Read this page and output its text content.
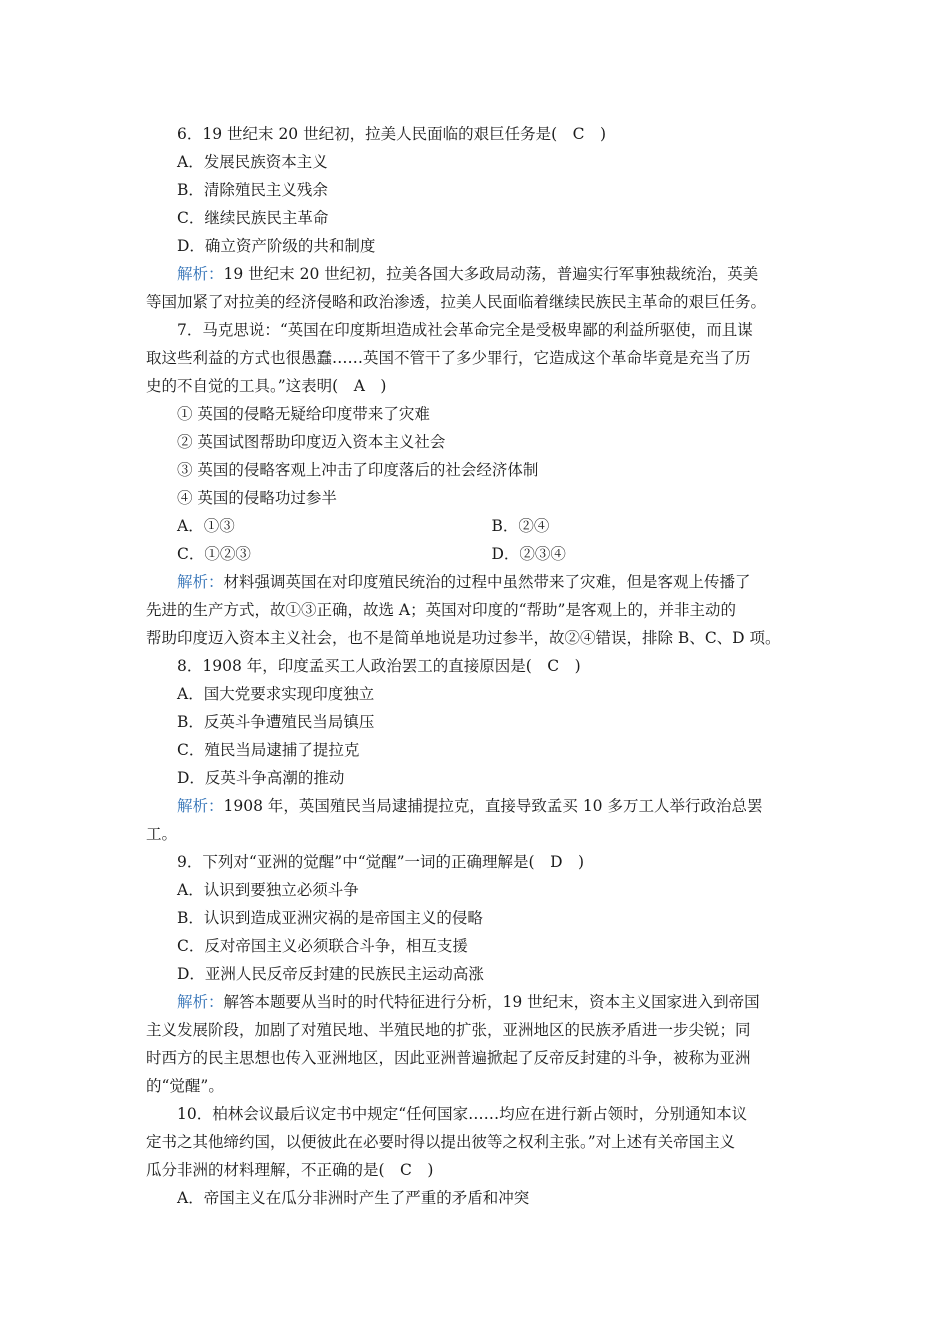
6．19 世纪末 20 世纪初，拉美人民面临的艰巨任务是(　C　)
A．发展民族资本主义
B．清除殖民主义残余
C．继续民族民主革命
D．确立资产阶级的共和制度
解析：19 世纪末 20 世纪初，拉美各国大多政局动荡，普遍实行军事独裁统治，英美
等国加紧了对拉美的经济侵略和政治渗透，拉美人民面临着继续民族民主革命的艰巨任务。
7．马克思说：“英国在印度斯坦造成社会革命完全是受极卑鄙的利益所驱使，而且谋
取这些利益的方式也很愚蠢……英国不管干了多少罪行，它造成这个革命毕竟是充当了历
史的不自觉的工具。”这表明(　A　)
① 英国的侵略无疑给印度带来了灾难
② 英国试图帮助印度迈入资本主义社会
③ 英国的侵略客观上冲击了印度落后的社会经济体制
④ 英国的侵略功过参半
A．①③	B．②④
C．①②③	D．②③④
解析：材料强调英国在对印度殖民统治的过程中虽然带来了灾难，但是客观上传播了
先进的生产方式，故①③正确，故选 A；英国对印度的“帮助”是客观上的，并非主动的
帮助印度迈入资本主义社会，也不是简单地说是功过参半，故②④错误，排除 B、C、D 项。
8．1908 年，印度孟买工人政治罢工的直接原因是(　C　)
A．国大党要求实现印度独立
B．反英斗争遭殖民当局镇压
C．殖民当局逮捕了提拉克
D．反英斗争高潮的推动
解析：1908 年，英国殖民当局逮捕提拉克，直接导致孟买 10 多万工人举行政治总罢
工。
9．下列对“亚洲的觉醒”中“觉醒”一词的正确理解是(　D　)
A．认识到要独立必须斗争
B．认识到造成亚洲灾祸的是帝国主义的侵略
C．反对帝国主义必须联合斗争，相互支援
D．亚洲人民反帝反封建的民族民主运动高涨
解析：解答本题要从当时的时代特征进行分析，19 世纪末，资本主义国家进入到帝国
主义发展阶段，加剧了对殖民地、半殖民地的扩张，亚洲地区的民族矛盾进一步尖锐；同
时西方的民主思想也传入亚洲地区，因此亚洲普遍掀起了反帝反封建的斗争，被称为亚洲
的“觉醒”。
10．柏林会议最后议定书中规定“任何国家……均应在进行新占领时，分别通知本议
定书之其他缔约国，以便彼此在必要时得以提出彼等之权利主张。”对上述有关帝国主义
瓜分非洲的材料理解，不正确的是(　C　)
A．帝国主义在瓜分非洲时产生了严重的矛盾和冲突
